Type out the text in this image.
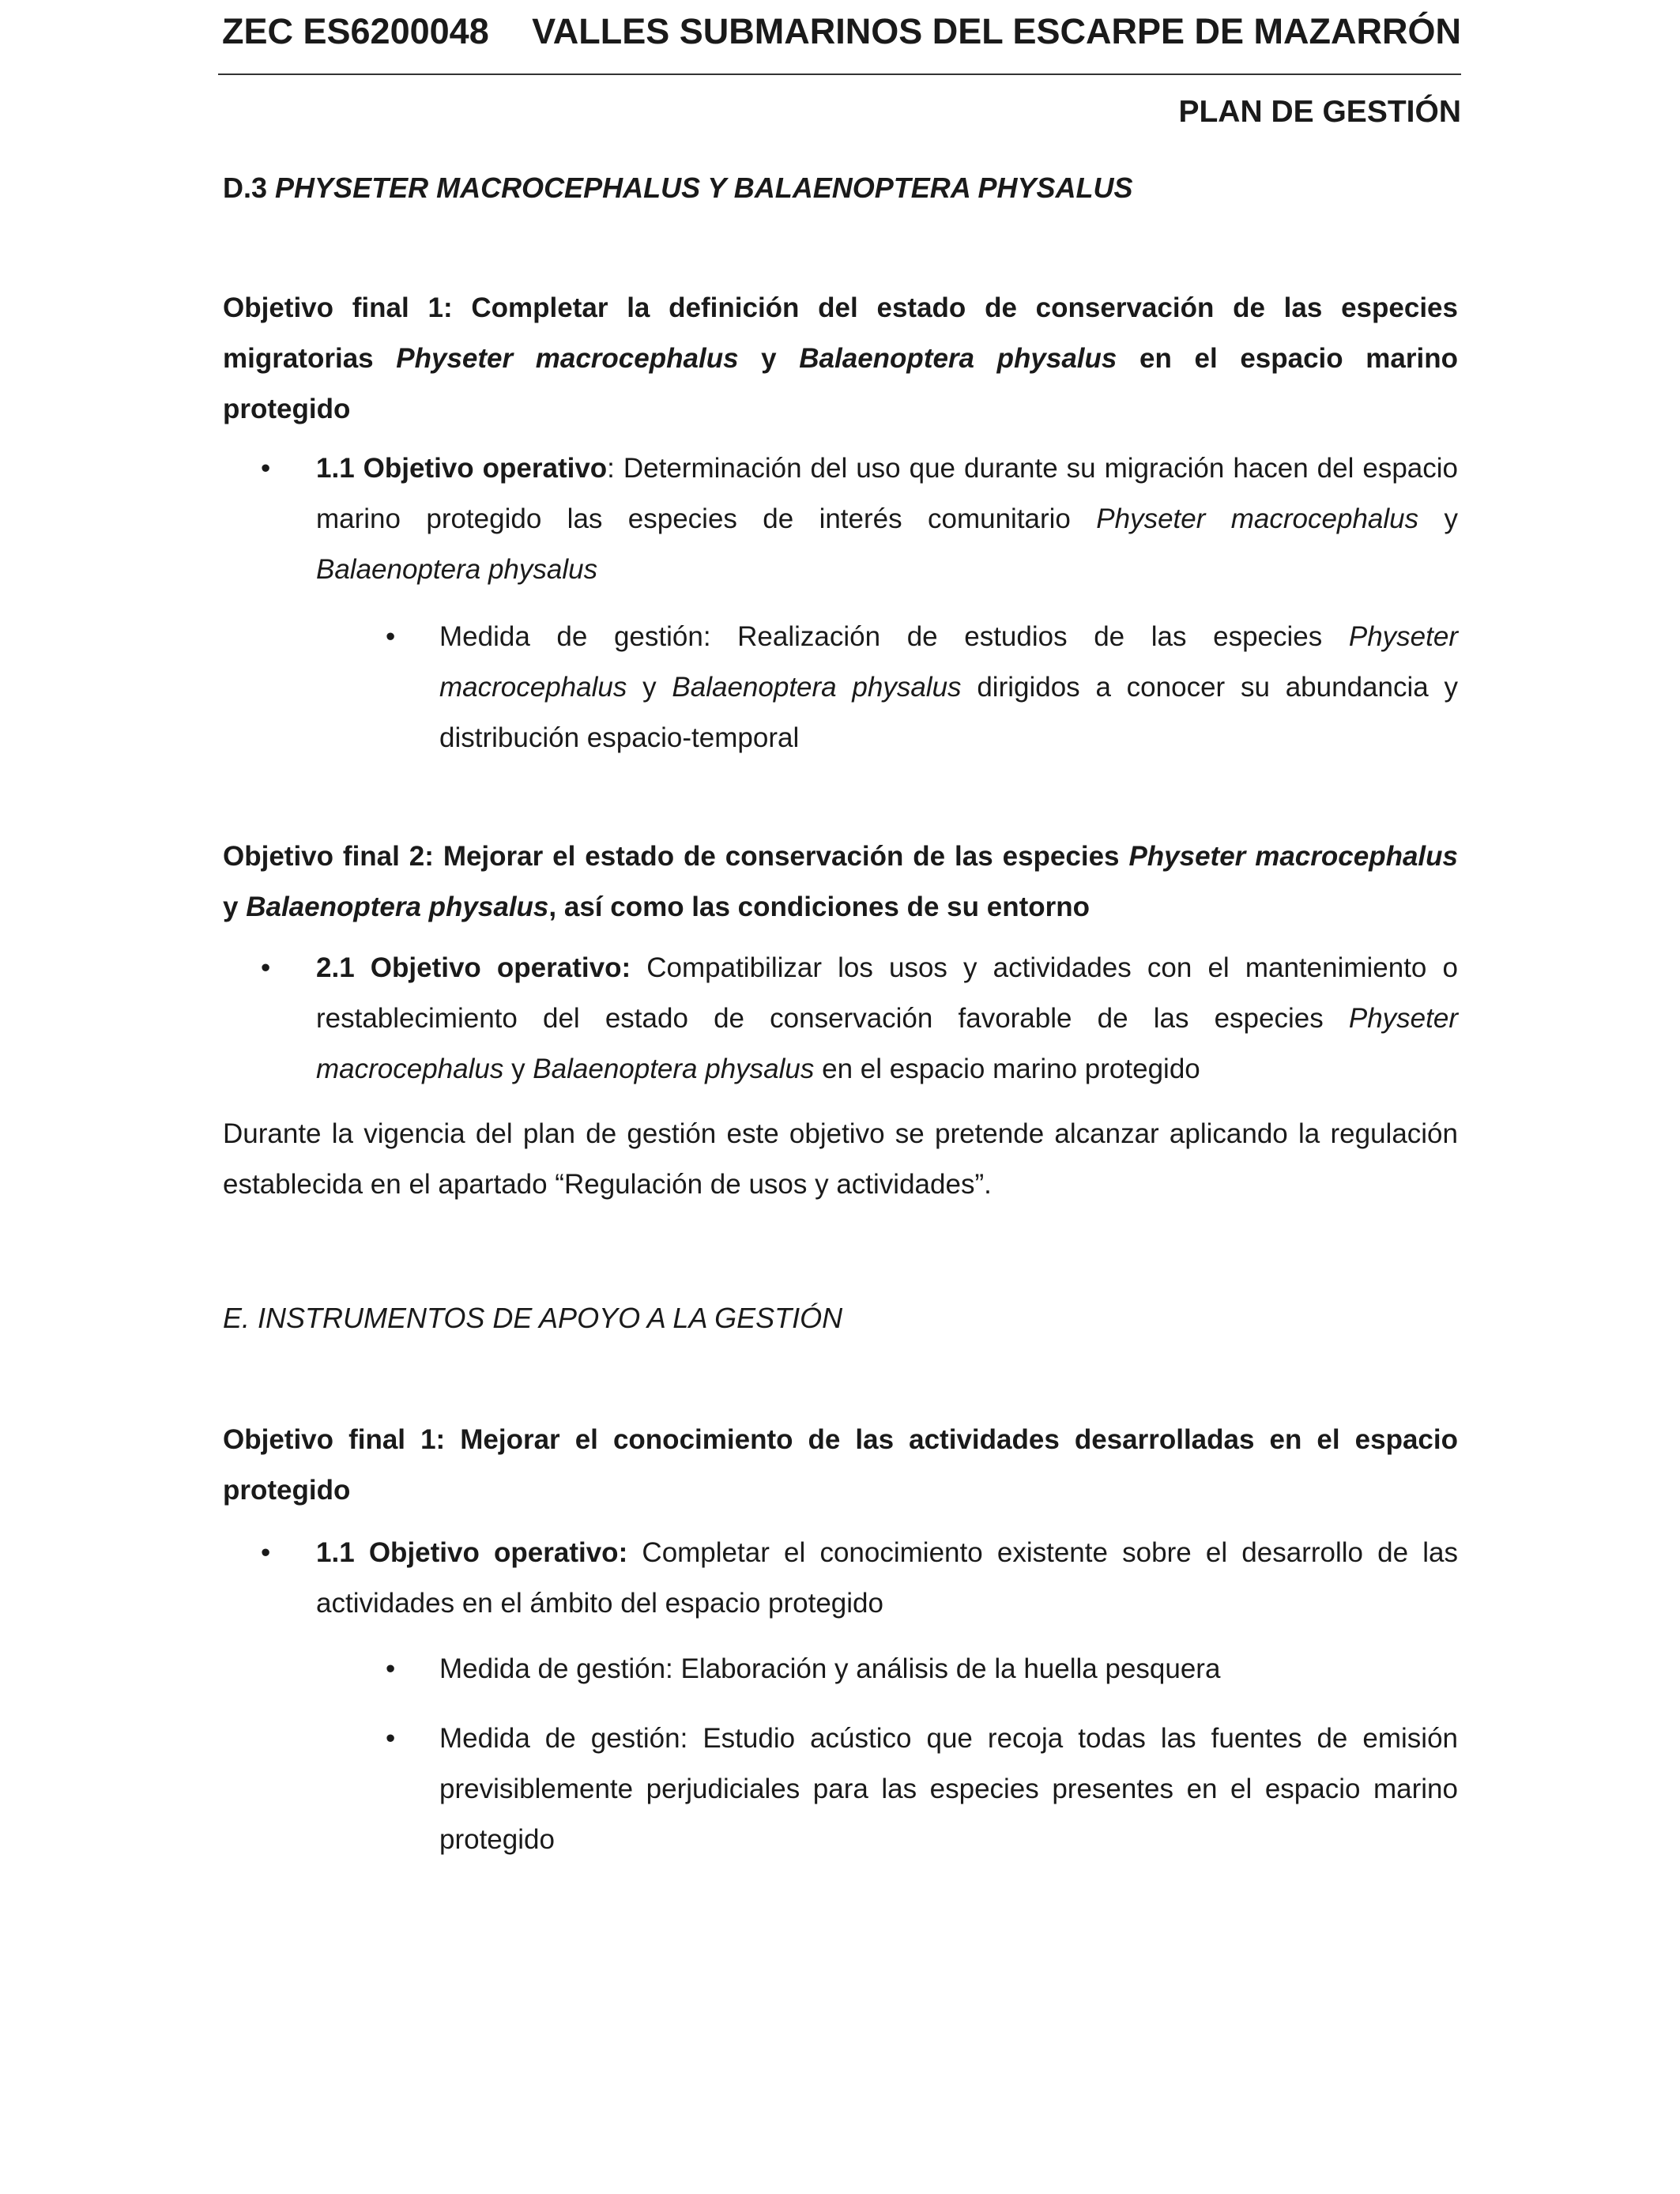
ZEC ES6200048 VALLES SUBMARINOS DEL ESCARPE DE MAZARRÓN
PLAN DE GESTIÓN
D.3 PHYSETER MACROCEPHALUS Y BALAENOPTERA PHYSALUS
Objetivo final 1: Completar la definición del estado de conservación de las especies migratorias Physeter macrocephalus y Balaenoptera physalus en el espacio marino protegido
• 1.1 Objetivo operativo: Determinación del uso que durante su migración hacen del espacio marino protegido las especies de interés comunitario Physeter macrocephalus y Balaenoptera physalus
• Medida de gestión: Realización de estudios de las especies Physeter macrocephalus y Balaenoptera physalus dirigidos a conocer su abundancia y distribución espacio-temporal
Objetivo final 2: Mejorar el estado de conservación de las especies Physeter macrocephalus y Balaenoptera physalus, así como las condiciones de su entorno
• 2.1 Objetivo operativo: Compatibilizar los usos y actividades con el mantenimiento o restablecimiento del estado de conservación favorable de las especies Physeter macrocephalus y Balaenoptera physalus en el espacio marino protegido
Durante la vigencia del plan de gestión este objetivo se pretende alcanzar aplicando la regulación establecida en el apartado “Regulación de usos y actividades”.
E. INSTRUMENTOS DE APOYO A LA GESTIÓN
Objetivo final 1: Mejorar el conocimiento de las actividades desarrolladas en el espacio protegido
• 1.1 Objetivo operativo: Completar el conocimiento existente sobre el desarrollo de las actividades en el ámbito del espacio protegido
• Medida de gestión: Elaboración y análisis de la huella pesquera
• Medida de gestión: Estudio acústico que recoja todas las fuentes de emisión previsiblemente perjudiciales para las especies presentes en el espacio marino protegido
